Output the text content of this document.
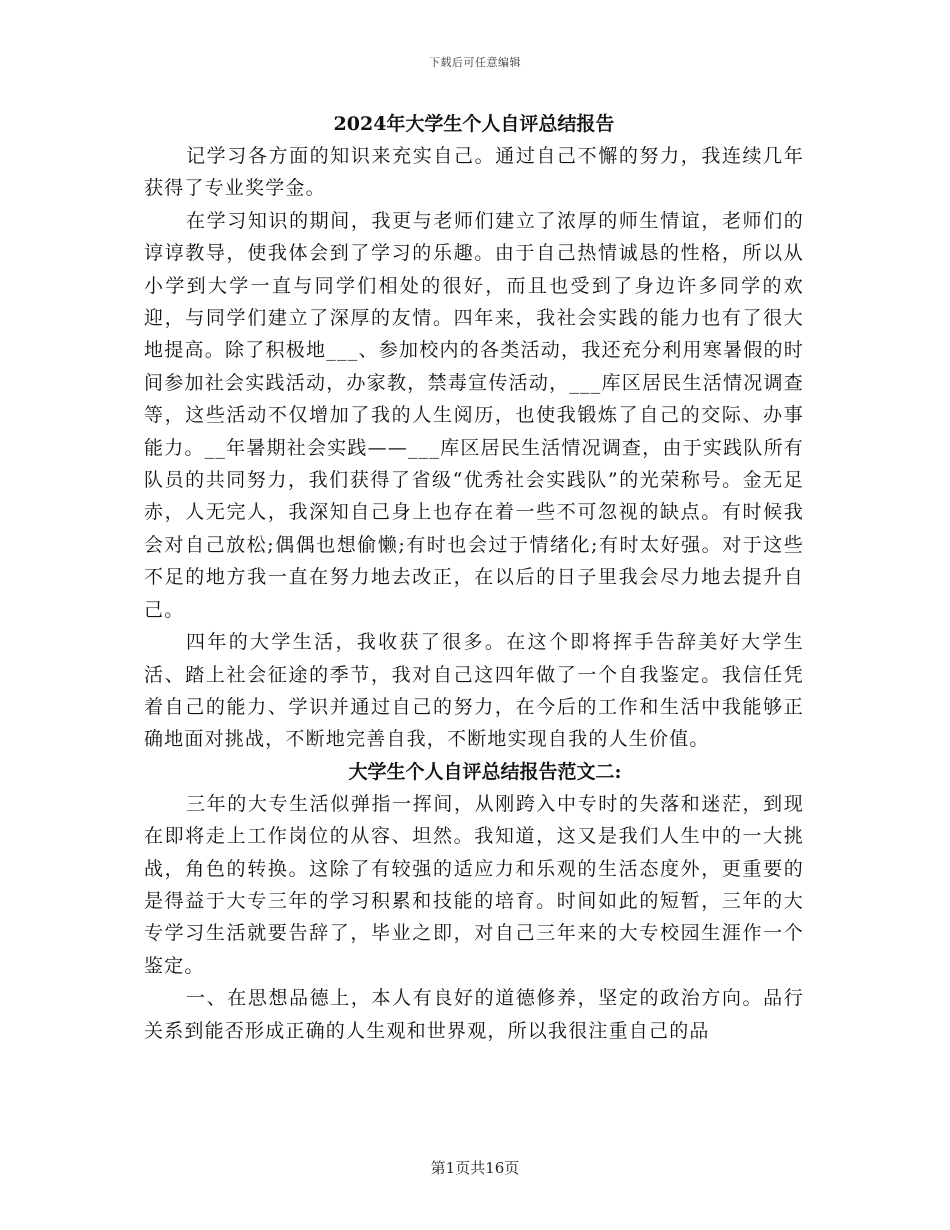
下载后可任意编辑
2024年大学生个人自评总结报告

记学习各方面的知识来充实自己。通过自己不懈的努力，我连续几年获得了专业奖学金。

在学习知识的期间，我更与老师们建立了浓厚的师生情谊，老师们的谆谆教导，使我体会到了学习的乐趣。由于自己热情诚恳的性格，所以从小学到大学一直与同学们相处的很好，而且也受到了身边许多同学的欢迎，与同学们建立了深厚的友情。四年来，我社会实践的能力也有了很大地提高。除了积极地___、参加校内的各类活动，我还充分利用寒暑假的时间参加社会实践活动，办家教，禁毒宣传活动，___库区居民生活情况调查等，这些活动不仅增加了我的人生阅历，也使我锻炼了自己的交际、办事能力。__年暑期社会实践——___库区居民生活情况调查，由于实践队所有队员的共同努力，我们获得了省级“优秀社会实践队”的光荣称号。金无足赤，人无完人，我深知自己身上也存在着一些不可忽视的缺点。有时候我会对自己放松;偶偶也想偷懒;有时也会过于情绪化;有时太好强。对于这些不足的地方我一直在努力地去改正，在以后的日子里我会尽力地去提升自己。

四年的大学生活，我收获了很多。在这个即将挥手告辞美好大学生活、踏上社会征途的季节，我对自己这四年做了一个自我鉴定。我信任凭着自己的能力、学识并通过自己的努力，在今后的工作和生活中我能够正确地面对挑战，不断地完善自我，不断地实现自我的人生价值。

大学生个人自评总结报告范文二:

三年的大专生活似弹指一挥间，从刚跨入中专时的失落和迷茫，到现在即将走上工作岗位的从容、坦然。我知道，这又是我们人生中的一大挑战，角色的转换。这除了有较强的适应力和乐观的生活态度外，更重要的是得益于大专三年的学习积累和技能的培育。时间如此的短暂，三年的大专学习生活就要告辞了，毕业之即，对自己三年来的大专校园生涯作一个鉴定。

一、在思想品德上，本人有良好的道德修养，坚定的政治方向。品行关系到能否形成正确的人生观和世界观，所以我很注重自己的品

第1页共16页
